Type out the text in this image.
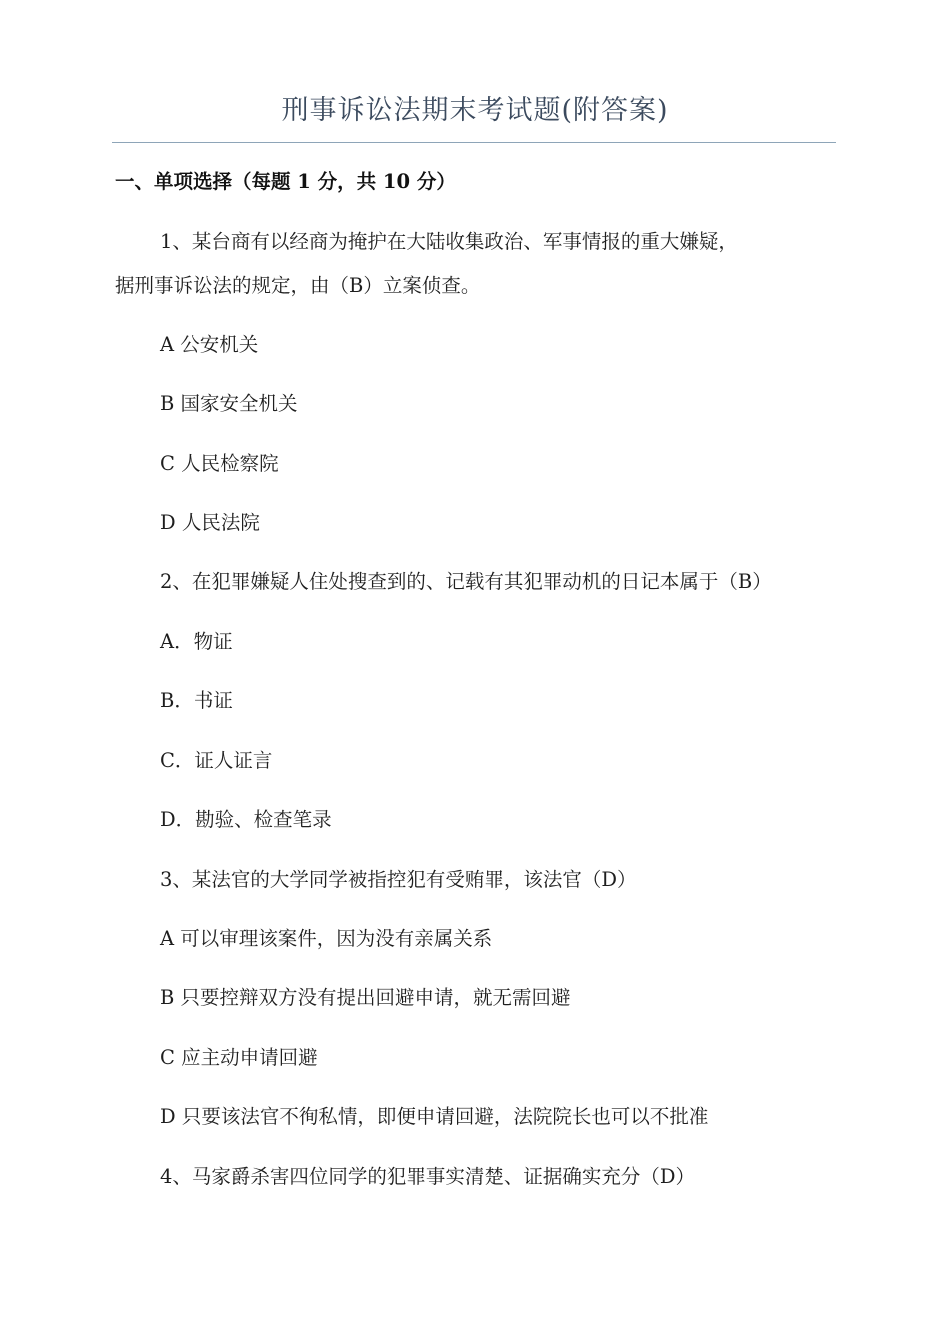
刑事诉讼法期末考试题(附答案)
一、单项选择（每题 1 分，共 10 分）
1、某台商有以经商为掩护在大陆收集政治、军事情报的重大嫌疑，
据刑事诉讼法的规定，由（B）立案侦查。
A 公安机关
B 国家安全机关
C 人民检察院
D 人民法院
2、在犯罪嫌疑人住处搜查到的、记载有其犯罪动机的日记本属于（B）
A．物证
B．书证
C．证人证言
D．勘验、检查笔录
3、某法官的大学同学被指控犯有受贿罪，该法官（D）
A 可以审理该案件，因为没有亲属关系
B 只要控辩双方没有提出回避申请，就无需回避
C 应主动申请回避
D 只要该法官不徇私情，即便申请回避，法院院长也可以不批准
4、马家爵杀害四位同学的犯罪事实清楚、证据确实充分（D）
